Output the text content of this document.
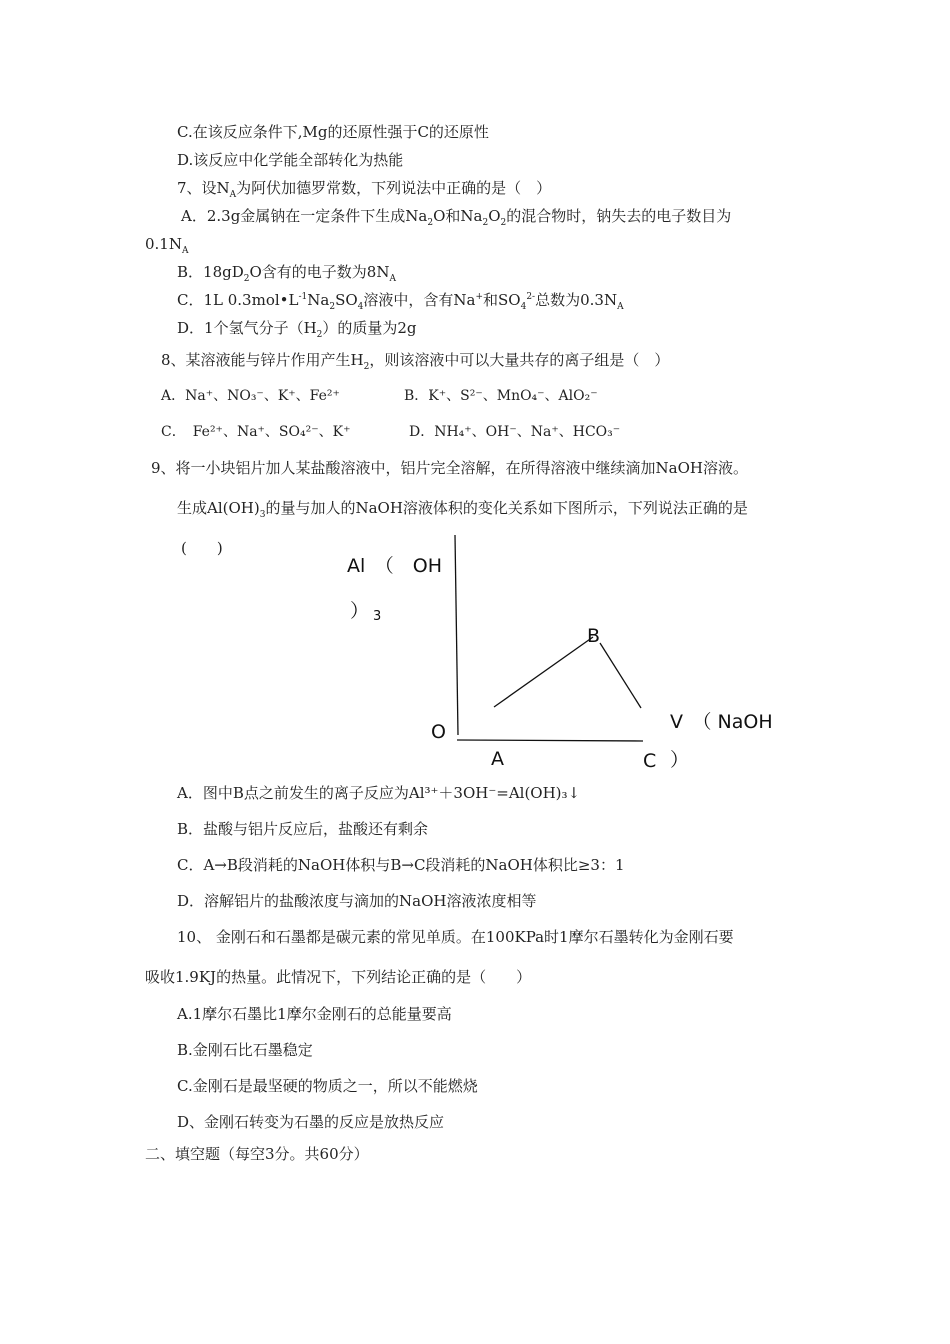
C.在该反应条件下,Mg的还原性强于C的还原性
D.该反应中化学能全部转化为热能
7、设$N_A$为阿伏加德罗常数，下列说法中正确的是（　）
A．2.3g金属钠在一定条件下生成$Na_2O$和$Na_2O_2$的混合物时，钠失去的电子数目为
$0.1N_A$
B．$18gD_2O$含有的电子数为$8N_A$
C．1L $0.3mol•L^{-1}Na_2SO_4$溶液中，含有Na+和$SO_4^{2-}$总数为$0.3N_A$
D．1个氢气分子$(H_2)$的质量为2g
8、某溶液能与锌片作用产生$H_2$，则该溶液中可以大量共存的离子组是（　）
A．Na⁺、NO₃⁻、K⁺、Fe²⁺	B．K⁺、S²⁻、MnO₄⁻、AlO₂⁻
C．　Fe²⁺、Na⁺、SO₄²⁻、K⁺	D．NH₄⁺、OH⁻、Na⁺、HCO₃⁻
9、将一小块铝片加人某盐酸溶液中，铝片完全溶解，在所得溶液中继续滴加NaOH溶液。
生成$Al(OH)_3$的量与加人的NaOH溶液体积的变化关系如下图所示，下列说法正确的是
(　　)
Al　（　OH
） 3
O
A
B
C
V　（ NaOH
）
A．图中B点之前发生的离子反应为Al³⁺＋3OH⁻=Al(OH)₃↓
B．盐酸与铝片反应后，盐酸还有剩余
C．A→B段消耗的NaOH体积与B→C段消耗的NaOH体积比≥3：1
D．溶解铝片的盐酸浓度与滴加的NaOH溶液浓度相等
10、 金刚石和石墨都是碳元素的常见单质。在100KPa时1摩尔石墨转化为金刚石要
吸收1.9KJ的热量。此情况下，下列结论正确的是（　　）
A.1摩尔石墨比1摩尔金刚石的总能量要高
B.金刚石比石墨稳定
C.金刚石是最坚硬的物质之一，所以不能燃烧
D、金刚石转变为石墨的反应是放热反应
二、填空题（每空3分。共60分）
